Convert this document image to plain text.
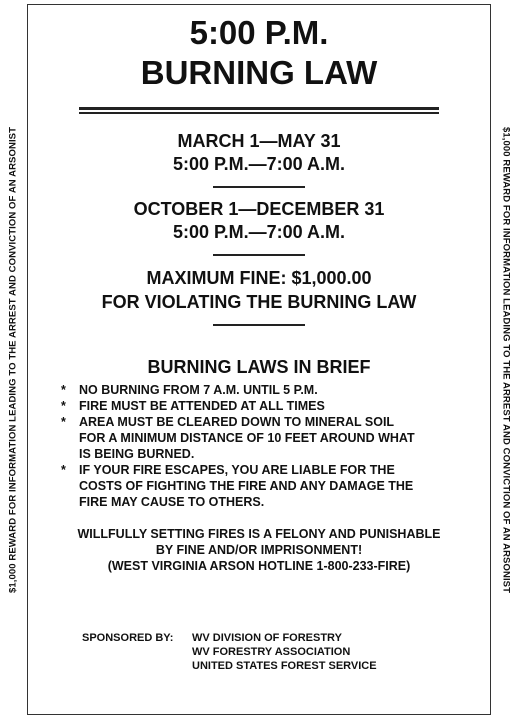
$1,000 REWARD FOR INFORMATION LEADING TO THE ARREST AND CONVICTION OF AN ARSONIST	$1,000 REWARD FOR INFORMATION LEADING TO THE ARREST AND CONVICTION OF AN ARSONIST
5:00 P.M.
BURNING LAW
MARCH 1—MAY 31
5:00 P.M.—7:00 A.M.
OCTOBER 1—DECEMBER 31
5:00 P.M.—7:00 A.M.
MAXIMUM FINE: $1,000.00
FOR VIOLATING THE BURNING LAW
BURNING LAWS IN BRIEF
*	NO BURNING FROM 7 A.M. UNTIL 5 P.M.
*	FIRE MUST BE ATTENDED AT ALL TIMES
*	AREA MUST BE CLEARED DOWN TO MINERAL SOIL
FOR A MINIMUM DISTANCE OF 10 FEET AROUND WHAT
IS BEING BURNED.
*	IF YOUR FIRE ESCAPES, YOU ARE LIABLE FOR THE
COSTS OF FIGHTING THE FIRE AND ANY DAMAGE THE
FIRE MAY CAUSE TO OTHERS.
WILLFULLY SETTING FIRES IS A FELONY AND PUNISHABLE
BY FINE AND/OR IMPRISONMENT!
(WEST VIRGINIA ARSON HOTLINE 1-800-233-FIRE)
SPONSORED BY:	WV DIVISION OF FORESTRY
WV FORESTRY ASSOCIATION
UNITED STATES FOREST SERVICE
